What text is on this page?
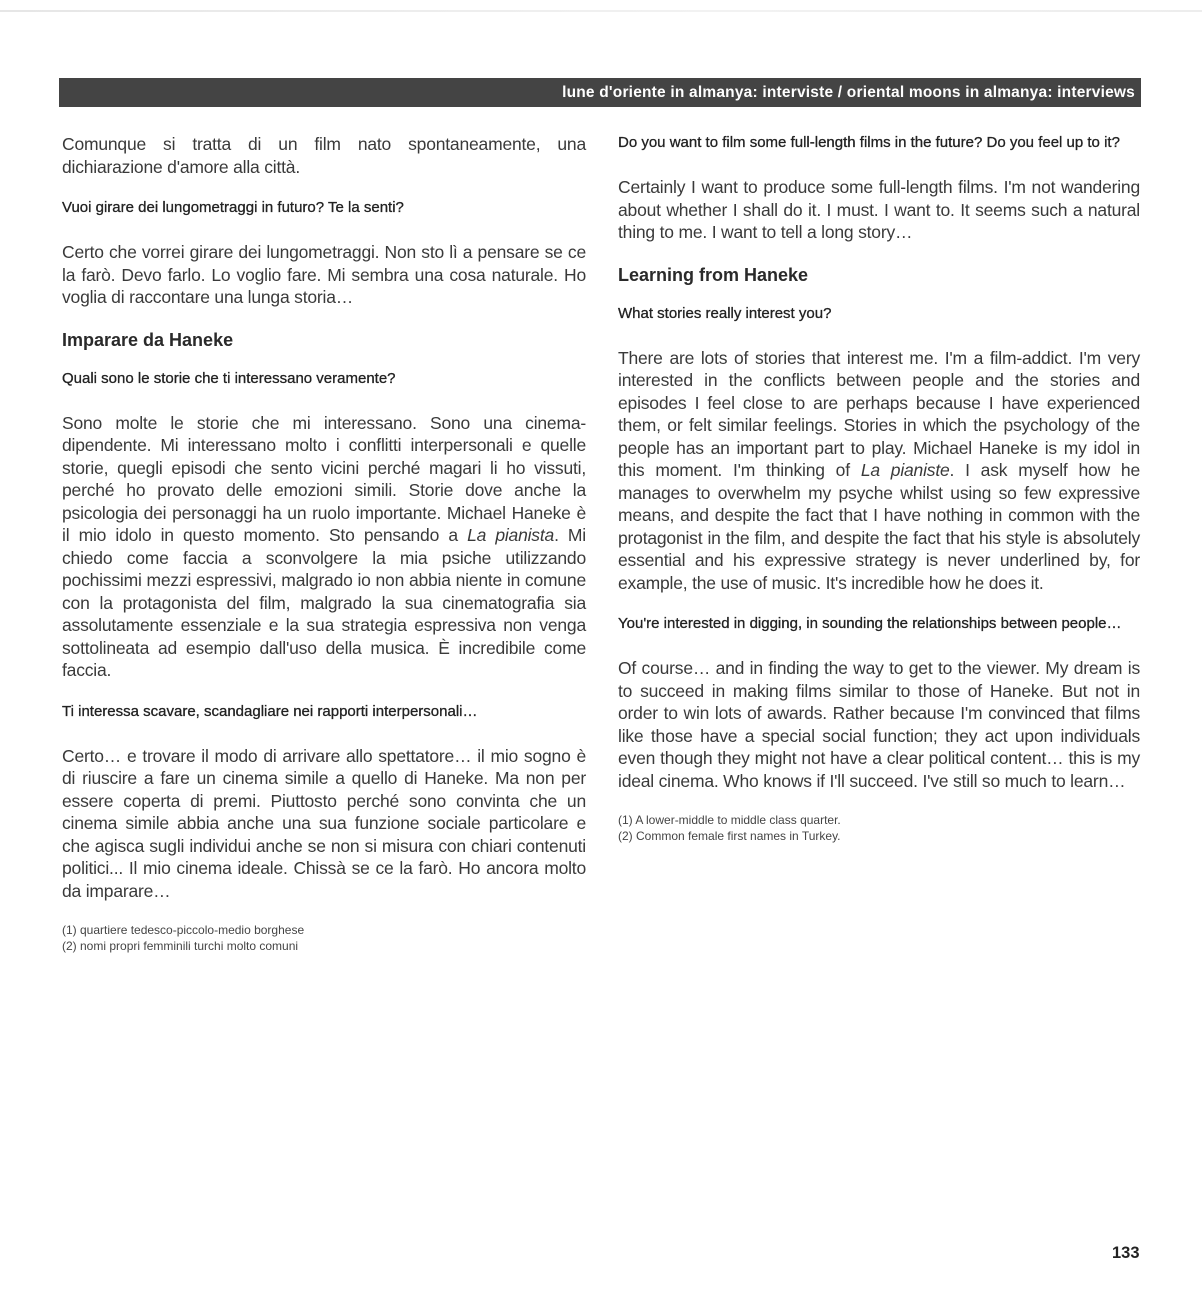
lune d'oriente in almanya: interviste / oriental moons in almanya: interviews

Comunque si tratta di un film nato spontaneamente, una dichiarazione d'amore alla città.

Vuoi girare dei lungometraggi in futuro? Te la senti?

Certo che vorrei girare dei lungometraggi. Non sto lì a pensare se ce la farò. Devo farlo. Lo voglio fare. Mi sembra una cosa naturale. Ho voglia di raccontare una lunga storia…

Imparare da Haneke

Quali sono le storie che ti interessano veramente?

Sono molte le storie che mi interessano. Sono una cinema-dipendente. Mi interessano molto i conflitti interpersonali e quelle storie, quegli episodi che sento vicini perché magari li ho vissuti, perché ho provato delle emozioni simili. Storie dove anche la psicologia dei personaggi ha un ruolo importante. Michael Haneke è il mio idolo in questo momento. Sto pensando a La pianista. Mi chiedo come faccia a sconvolgere la mia psiche utilizzando pochissimi mezzi espressivi, malgrado io non abbia niente in comune con la protagonista del film, malgrado la sua cinematografia sia assolutamente essenziale e la sua strategia espressiva non venga sottolineata ad esempio dall'uso della musica. È incredibile come faccia.

Ti interessa scavare, scandagliare nei rapporti interpersonali…

Certo… e trovare il modo di arrivare allo spettatore… il mio sogno è di riuscire a fare un cinema simile a quello di Haneke. Ma non per essere coperta di premi. Piuttosto perché sono convinta che un cinema simile abbia anche una sua funzione sociale particolare e che agisca sugli individui anche se non si misura con chiari contenuti politici... Il mio cinema ideale. Chissà se ce la farò. Ho ancora molto da imparare…

(1) quartiere tedesco-piccolo-medio borghese
(2) nomi propri femminili turchi molto comuni

Do you want to film some full-length films in the future? Do you feel up to it?

Certainly I want to produce some full-length films. I'm not wandering about whether I shall do it. I must. I want to. It seems such a natural thing to me. I want to tell a long story…

Learning from Haneke

What stories really interest you?

There are lots of stories that interest me. I'm a film-addict. I'm very interested in the conflicts between people and the stories and episodes I feel close to are perhaps because I have experienced them, or felt similar feelings. Stories in which the psychology of the people has an important part to play. Michael Haneke is my idol in this moment. I'm thinking of La pianiste. I ask myself how he manages to overwhelm my psyche whilst using so few expressive means, and despite the fact that I have nothing in common with the protagonist in the film, and despite the fact that his style is absolutely essential and his expressive strategy is never underlined by, for example, the use of music. It's incredible how he does it.

You're interested in digging, in sounding the relationships between people…

Of course… and in finding the way to get to the viewer. My dream is to succeed in making films similar to those of Haneke. But not in order to win lots of awards. Rather because I'm convinced that films like those have a special social function; they act upon individuals even though they might not have a clear political content… this is my ideal cinema. Who knows if I'll succeed. I've still so much to learn…

(1) A lower-middle to middle class quarter.
(2) Common female first names in Turkey.
133
